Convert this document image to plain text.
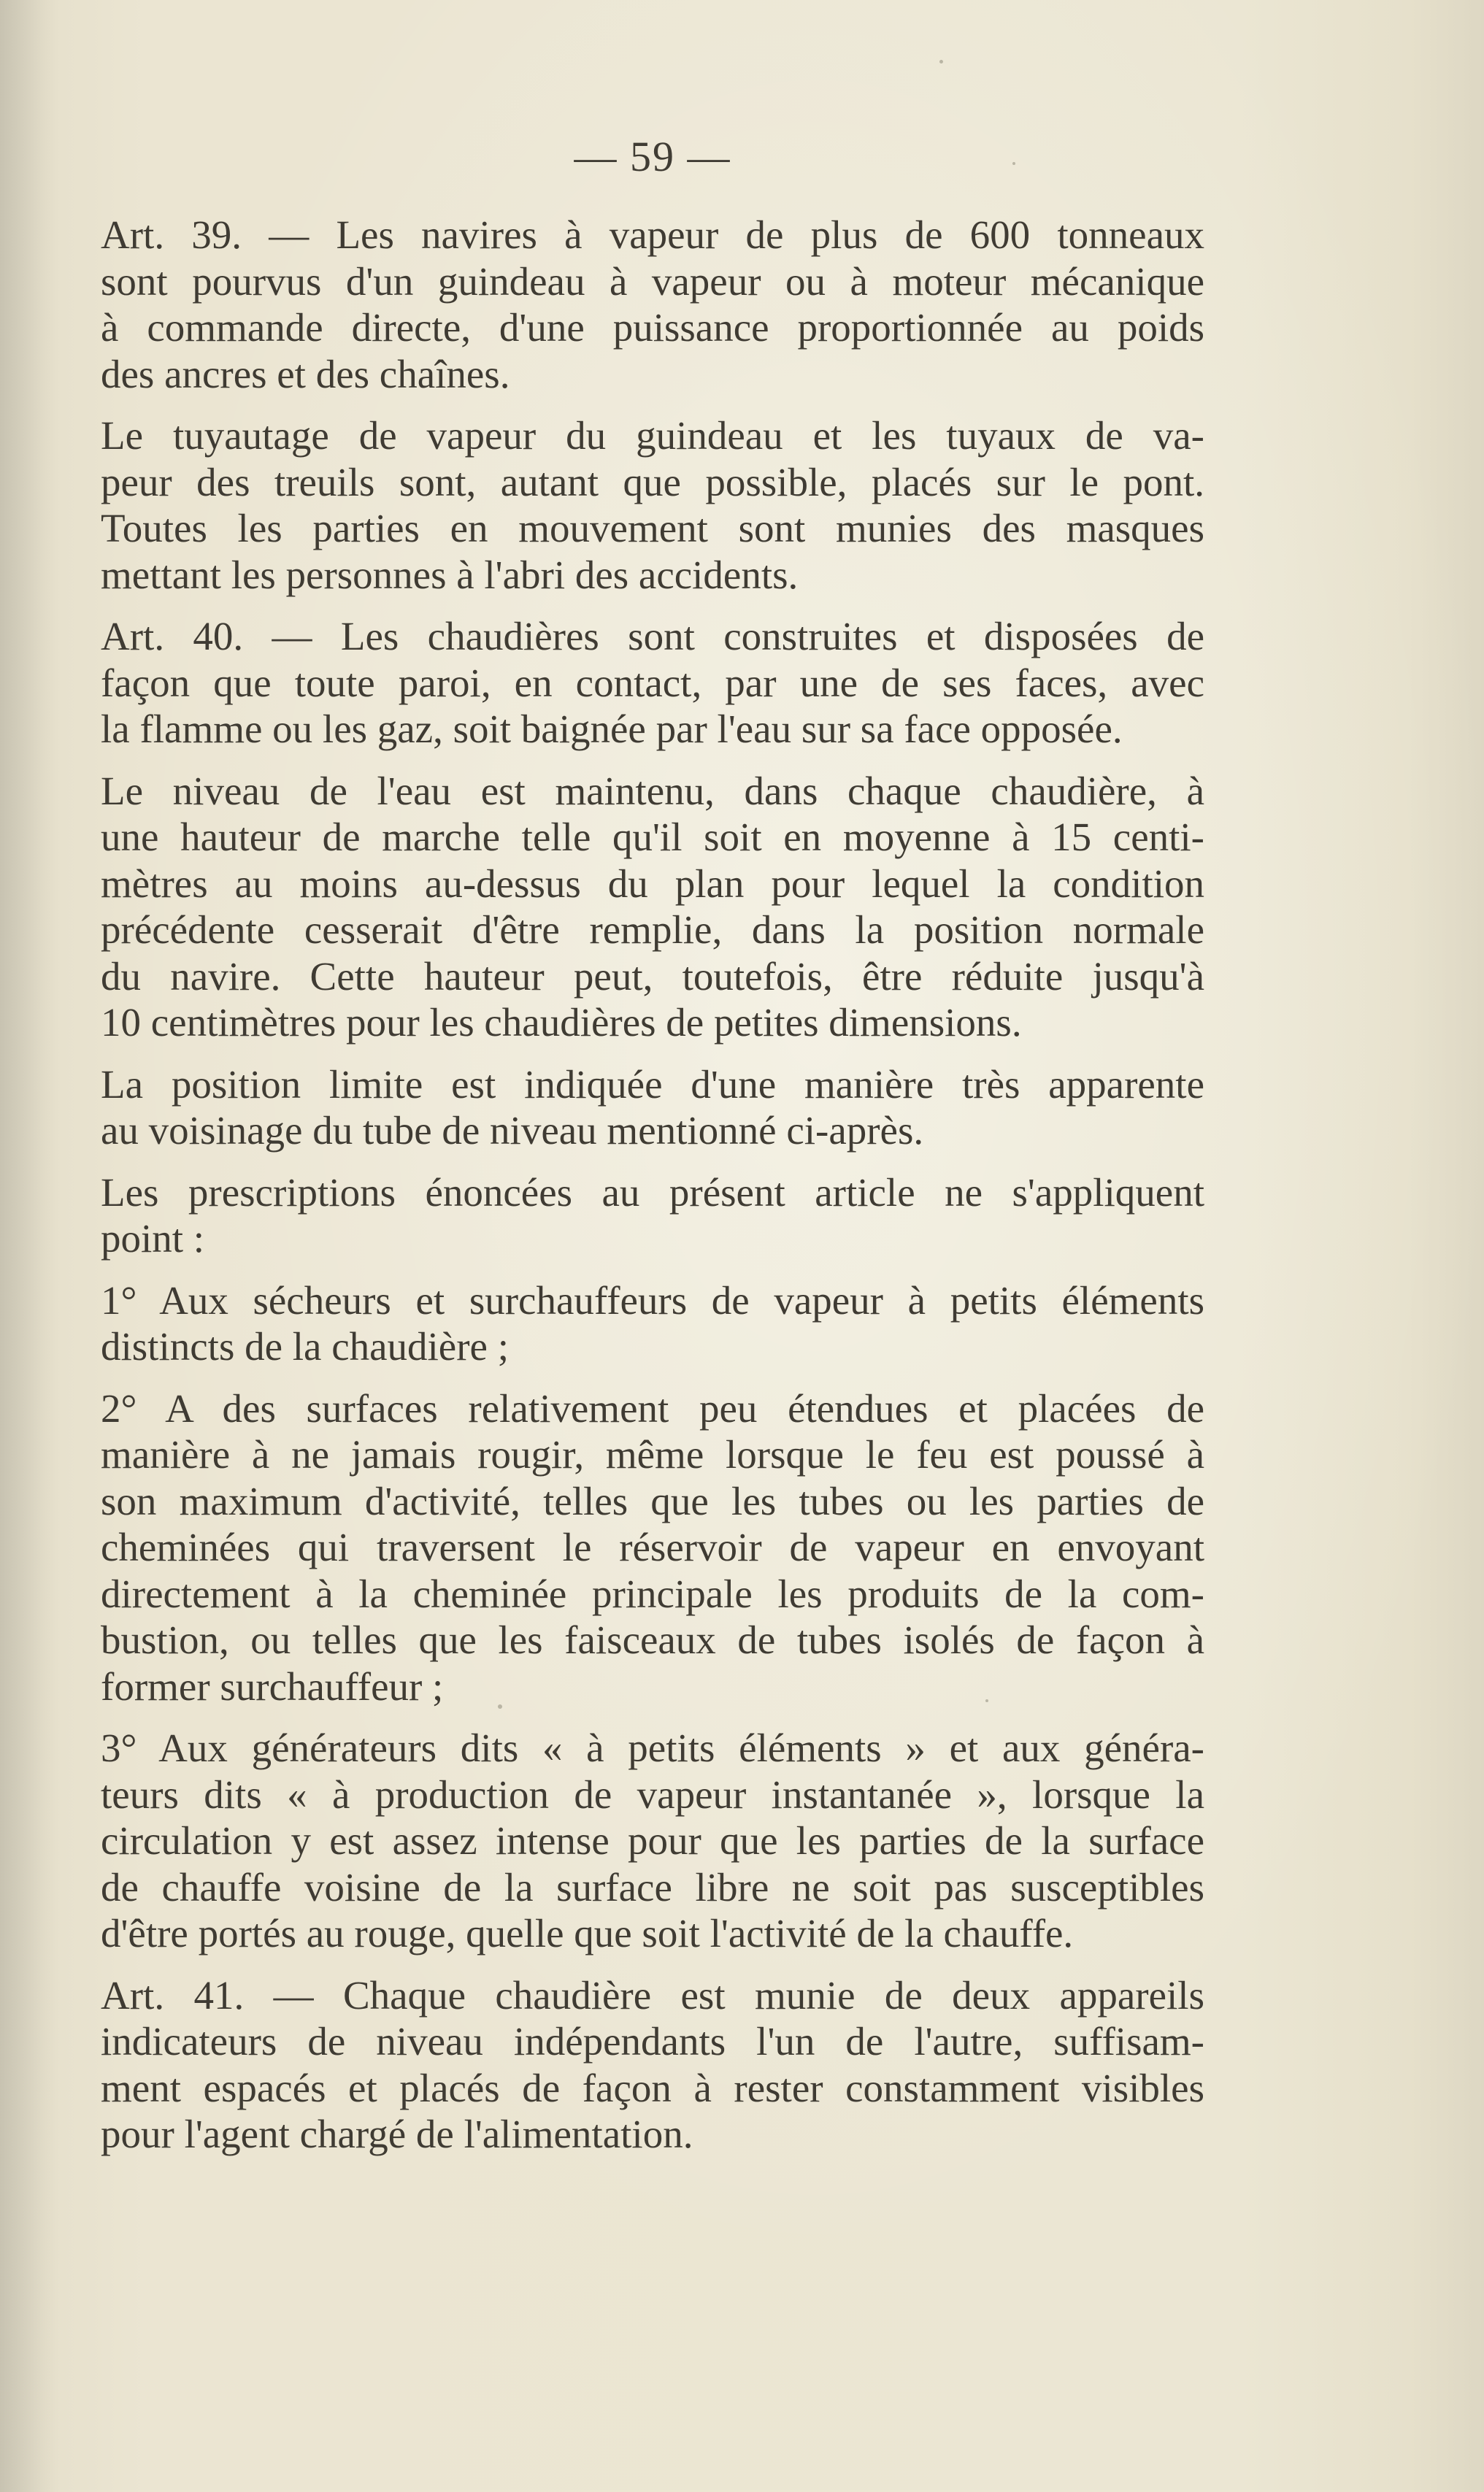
— 59 —

Art. 39. — Les navires à vapeur de plus de 600 tonneaux
sont pourvus d'un guindeau à vapeur ou à moteur mécanique
à commande directe, d'une puissance proportionnée au poids
des ancres et des chaînes.

Le tuyautage de vapeur du guindeau et les tuyaux de va-
peur des treuils sont, autant que possible, placés sur le pont.
Toutes les parties en mouvement sont munies des masques
mettant les personnes à l'abri des accidents.

Art. 40. — Les chaudières sont construites et disposées de
façon que toute paroi, en contact, par une de ses faces, avec
la flamme ou les gaz, soit baignée par l'eau sur sa face opposée.

Le niveau de l'eau est maintenu, dans chaque chaudière, à
une hauteur de marche telle qu'il soit en moyenne à 15 centi-
mètres au moins au-dessus du plan pour lequel la condition
précédente cesserait d'être remplie, dans la position normale
du navire. Cette hauteur peut, toutefois, être réduite jusqu'à
10 centimètres pour les chaudières de petites dimensions.

La position limite est indiquée d'une manière très apparente
au voisinage du tube de niveau mentionné ci-après.

Les prescriptions énoncées au présent article ne s'appliquent
point :

1° Aux sécheurs et surchauffeurs de vapeur à petits éléments
distincts de la chaudière ;

2° A des surfaces relativement peu étendues et placées de
manière à ne jamais rougir, même lorsque le feu est poussé à
son maximum d'activité, telles que les tubes ou les parties de
cheminées qui traversent le réservoir de vapeur en envoyant
directement à la cheminée principale les produits de la com-
bustion, ou telles que les faisceaux de tubes isolés de façon à
former surchauffeur ;

3° Aux générateurs dits « à petits éléments » et aux généra-
teurs dits « à production de vapeur instantanée », lorsque la
circulation y est assez intense pour que les parties de la surface
de chauffe voisine de la surface libre ne soit pas susceptibles
d'être portés au rouge, quelle que soit l'activité de la chauffe.

Art. 41. — Chaque chaudière est munie de deux appareils
indicateurs de niveau indépendants l'un de l'autre, suffisam-
ment espacés et placés de façon à rester constamment visibles
pour l'agent chargé de l'alimentation.
